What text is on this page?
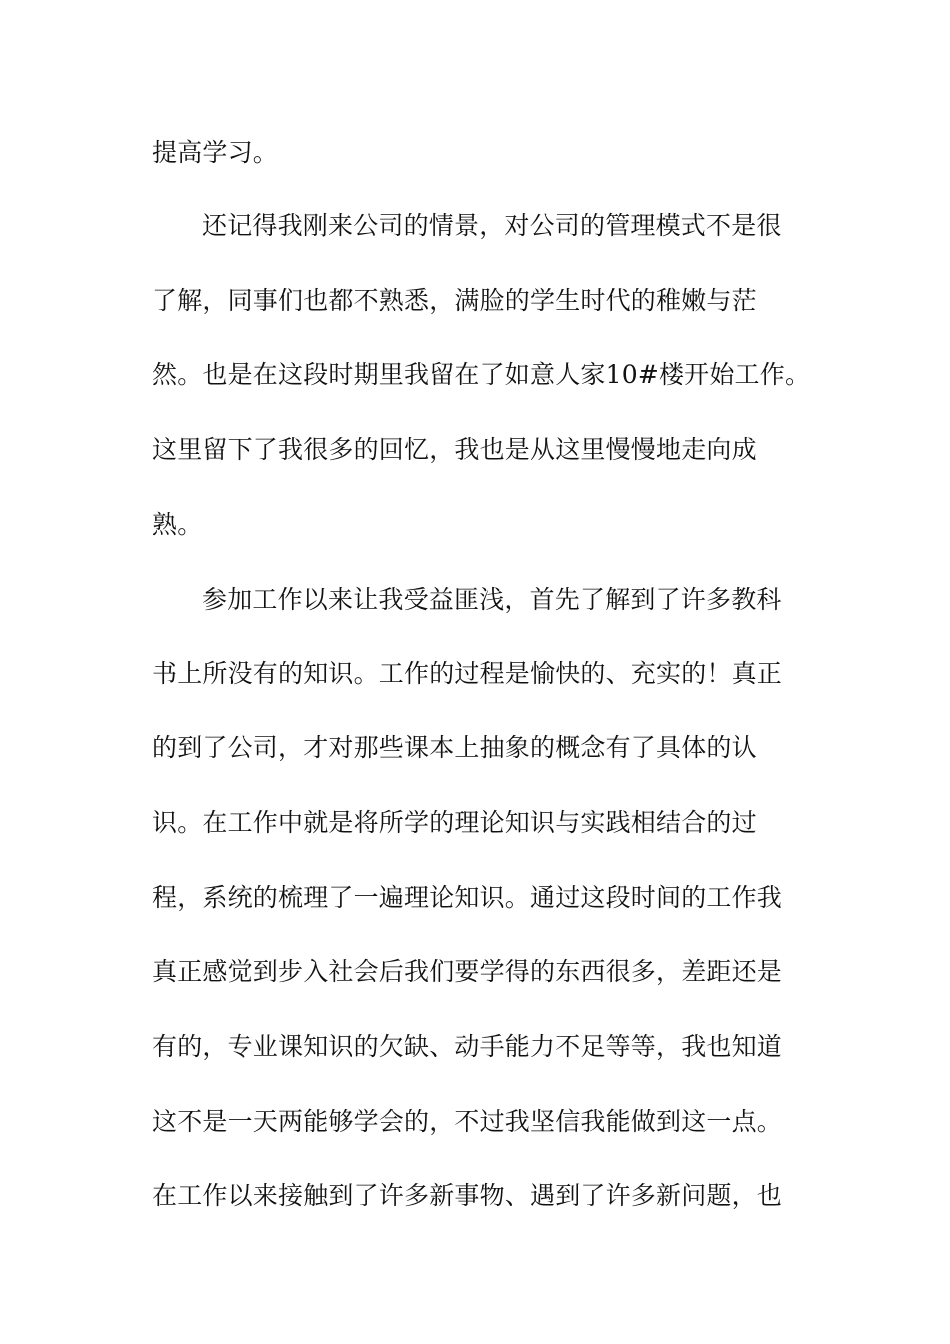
提高学习。
还记得我刚来公司的情景，对公司的管理模式不是很
了解，同事们也都不熟悉，满脸的学生时代的稚嫩与茫
然。也是在这段时期里我留在了如意人家10#楼开始工作。
这里留下了我很多的回忆，我也是从这里慢慢地走向成
熟。
参加工作以来让我受益匪浅，首先了解到了许多教科
书上所没有的知识。工作的过程是愉快的、充实的！真正
的到了公司，才对那些课本上抽象的概念有了具体的认
识。在工作中就是将所学的理论知识与实践相结合的过
程，系统的梳理了一遍理论知识。通过这段时间的工作我
真正感觉到步入社会后我们要学得的东西很多，差距还是
有的，专业课知识的欠缺、动手能力不足等等，我也知道
这不是一天两能够学会的，不过我坚信我能做到这一点。
在工作以来接触到了许多新事物、遇到了许多新问题，也
